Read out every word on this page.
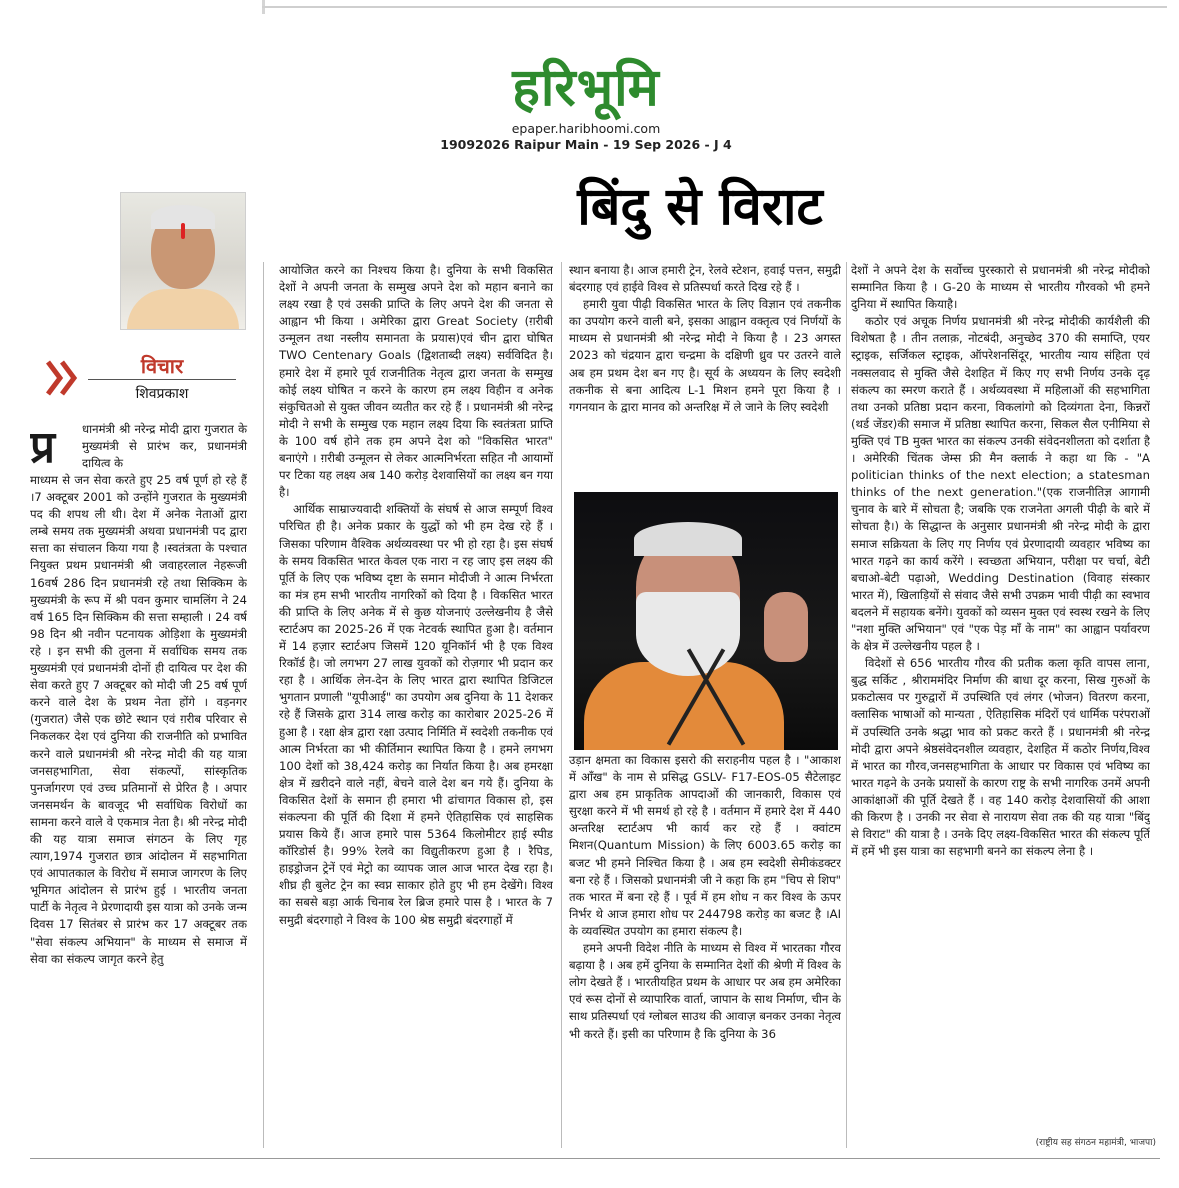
हरिभूमि
epaper.haribhoomi.com
19092026 Raipur Main - 19 Sep 2026 - J 4
बिंदु से विराट
विचार
शिवप्रकाश
प्र	धानमंत्री श्री नरेन्द्र मोदी द्वारा गुजरात के मुख्यमंत्री से प्रारंभ कर, प्रधानमंत्री दायित्व के

माध्यम से जन सेवा करते हुए 25 वर्ष पूर्ण हो रहे हैं ।7 अक्टूबर 2001 को उन्होंने गुजरात के मुख्यमंत्री पद की शपथ ली थी। देश में अनेक नेताओं द्वारा लम्बे समय तक मुख्यमंत्री अथवा प्रधानमंत्री पद द्वारा सत्ता का संचालन किया गया है ।स्वतंत्रता के पश्चात नियुक्त प्रथम प्रधानमंत्री श्री जवाहरलाल नेहरूजी 16वर्ष 286 दिन प्रधानमंत्री रहे तथा सिक्किम के मुख्यमंत्री के रूप में श्री पवन कुमार चामलिंग ने 24 वर्ष 165 दिन सिक्किम की सत्ता सम्हाली । 24 वर्ष 98 दिन श्री नवीन पटनायक ओड़िशा के मुख्यमंत्री रहे । इन सभी की तुलना में सर्वाधिक समय तक मुख्यमंत्री एवं प्रधानमंत्री दोनों ही दायित्व पर देश की सेवा करते हुए 7 अक्टूबर को मोदी जी 25 वर्ष पूर्ण करने वाले देश के प्रथम नेता होंगे । वड़नगर (गुजरात) जैसे एक छोटे स्थान एवं ग़रीब परिवार से निकलकर देश एवं दुनिया की राजनीति को प्रभावित करने वाले प्रधानमंत्री श्री नरेन्द्र मोदी की यह यात्रा जनसहभागिता, सेवा संकल्पों, सांस्कृतिक पुनर्जागरण एवं उच्च प्रतिमानों से प्रेरित है । अपार जनसमर्थन के बावजूद भी सर्वाधिक विरोधों का सामना करने वाले वे एकमात्र नेता है। श्री नरेन्द्र मोदी की यह यात्रा समाज संगठन के लिए गृह त्याग,1974 गुजरात छात्र आंदोलन में सहभागिता एवं आपातकाल के विरोध में समाज जागरण के लिए भूमिगत आंदोलन से प्रारंभ हुई । भारतीय जनता पार्टी के नेतृत्व ने प्रेरणादायी इस यात्रा को उनके जन्म दिवस 17 सितंबर से प्रारंभ कर 17 अक्टूबर तक "सेवा संकल्प अभियान" के माध्यम से समाज में सेवा का संकल्प जागृत करने हेतु

आयोजित करने का निश्चय किया है। दुनिया के सभी विकसित देशों ने अपनी जनता के सम्मुख अपने देश को महान बनाने का लक्ष्य रखा है एवं उसकी प्राप्ति के लिए अपने देश की जनता से आह्वान भी किया । अमेरिका द्वारा Great Society (ग़रीबी उन्मूलन तथा नस्लीय समानता के प्रयास)एवं चीन द्वारा घोषित TWO Centenary Goals (द्विशताब्दी लक्ष्य) सर्वविदित है। हमारे देश में हमारे पूर्व राजनीतिक नेतृत्व द्वारा जनता के सम्मुख कोई लक्ष्य घोषित न करने के कारण हम लक्ष्य विहीन व अनेक संकुचितओ से युक्त जीवन व्यतीत कर रहे हैं । प्रधानमंत्री श्री नरेन्द्र मोदी ने सभी के सम्मुख एक महान लक्ष्य दिया कि स्वतंत्रता प्राप्ति के 100 वर्ष होने तक हम अपने देश को "विकसित भारत" बनाएंगे । ग़रीबी उन्मूलन से लेकर आत्मनिर्भरता सहित नौ आयामों पर टिका यह लक्ष्य अब 140 करोड़ देशवासियों का लक्ष्य बन गया है।

आर्थिक साम्राज्यवादी शक्तियों के संघर्ष से आज सम्पूर्ण विश्व परिचित ही है। अनेक प्रकार के युद्धों को भी हम देख रहे हैं । जिसका परिणाम वैश्विक अर्थव्यवस्था पर भी हो रहा है। इस संघर्ष के समय विकसित भारत केवल एक नारा न रह जाए इस लक्ष्य की पूर्ति के लिए एक भविष्य दृष्टा के समान मोदीजी ने आत्म निर्भरता का मंत्र हम सभी भारतीय नागरिकों को दिया है । विकसित भारत की प्राप्ति के लिए अनेक में से कुछ योजनाएं उल्लेखनीय है जैसे स्टार्टअप का 2025-26 में एक नेटवर्क स्थापित हुआ है। वर्तमान में 14 हज़ार स्टार्टअप जिसमें 120 यूनिकॉर्न भी है एक विश्व रिकॉर्ड है। जो लगभग 27 लाख युवकों को रोज़गार भी प्रदान कर रहा है । आर्थिक लेन-देन के लिए भारत द्वारा स्थापित डिजिटल भुगतान प्रणाली "यूपीआई" का उपयोग अब दुनिया के 11 देशकर रहे हैं जिसके द्वारा 314 लाख करोड़ का कारोबार 2025-26 में हुआ है । रक्षा क्षेत्र द्वारा रक्षा उत्पाद निर्मिति में स्वदेशी तकनीक एवं आत्म निर्भरता का भी कीर्तिमान स्थापित किया है । हमने लगभग 100 देशों को 38,424 करोड़ का निर्यात किया है। अब हमरक्षा क्षेत्र में ख़रीदने वाले नहीं, बेचने वाले देश बन गये हैं। दुनिया के विकसित देशों के समान ही हमारा भी ढांचागत विकास हो, इस संकल्पना की पूर्ति की दिशा में हमने ऐतिहासिक एवं साहसिक प्रयास किये हैं। आज हमारे पास 5364 किलोमीटर हाई स्पीड कॉरिडोर्स है। 99% रेलवे का विद्युतीकरण हुआ है । रैपिड, हाइड्रोजन ट्रेनें एवं मेट्रो का व्यापक जाल आज भारत देख रहा है। शीघ्र ही बुलेट ट्रेन का स्वप्न साकार होते हुए भी हम देखेंगे। विश्व का सबसे बड़ा आर्क चिनाब रेल ब्रिज हमारे पास है । भारत के 7 समुद्री बंदरगाहो ने विश्व के 100 श्रेष्ठ समुद्री बंदरगाहों में

स्थान बनाया है। आज हमारी ट्रेन, रेलवे स्टेशन, हवाई पत्तन, समुद्री बंदरगाह एवं हाईवे विश्व से प्रतिस्पर्धा करते दिख रहे हैं ।

हमारी युवा पीढ़ी विकसित भारत के लिए विज्ञान एवं तकनीक का उपयोग करने वाली बने, इसका आह्वान वक्तृत्व एवं निर्णयों के माध्यम से प्रधानमंत्री श्री नरेन्द्र मोदी ने किया है । 23 अगस्त 2023 को चंद्रयान द्वारा चन्द्रमा के दक्षिणी ध्रुव पर उतरने वाले अब हम प्रथम देश बन गए है। सूर्य के अध्ययन के लिए स्वदेशी तकनीक से बना आदित्य L-1 मिशन हमने पूरा किया है । गगनयान के द्वारा मानव को अन्तरिक्ष में ले जाने के लिए स्वदेशी

उड़ान क्षमता का विकास इसरो की सराहनीय पहल है । "आकाश में आँख" के नाम से प्रसिद्ध GSLV- F17-EOS-05 सैटेलाइट द्वारा अब हम प्राकृतिक आपदाओं की जानकारी, विकास एवं सुरक्षा करने में भी समर्थ हो रहे है । वर्तमान में हमारे देश में 440 अन्तरिक्ष स्टार्टअप भी कार्य कर रहे हैं । क्वांटम मिशन(Quantum Mission) के लिए 6003.65 करोड़ का बजट भी हमने निश्चित किया है । अब हम स्वदेशी सेमीकंडक्टर बना रहे हैं । जिसको प्रधानमंत्री जी ने कहा कि हम "चिप से शिप" तक भारत में बना रहे हैं । पूर्व में हम शोध न कर विश्व के ऊपर निर्भर थे आज हमारा शोध पर 244798 करोड़ का बजट है ।AI के व्यवस्थित उपयोग का हमारा संकल्प है।

हमने अपनी विदेश नीति के माध्यम से विश्व में भारतका गौरव बढ़ाया है । अब हमें दुनिया के सम्मानित देशों की श्रेणी में विश्व के लोग देखते हैं । भारतीयहित प्रथम के आधार पर अब हम अमेरिका एवं रूस दोनों से व्यापारिक वार्ता, जापान के साथ निर्माण, चीन के साथ प्रतिस्पर्धा एवं ग्लोबल साउथ की आवाज़ बनकर उनका नेतृत्व भी करते हैं। इसी का परिणाम है कि दुनिया के 36

देशों ने अपने देश के सर्वोच्च पुरस्कारो से प्रधानमंत्री श्री नरेन्द्र मोदीको सम्मानित किया है । G-20 के माध्यम से भारतीय गौरवको भी हमने दुनिया में स्थापित कियाहै।

कठोर एवं अचूक निर्णय प्रधानमंत्री श्री नरेन्द्र मोदीकी कार्यशैली की विशेषता है । तीन तलाक़, नोटबंदी, अनुच्छेद 370 की समाप्ति, एयर स्ट्राइक, सर्जिकल स्ट्राइक, ऑपरेशनसिंदूर, भारतीय न्याय संहिता एवं नक्सलवाद से मुक्ति जैसे देशहित में किए गए सभी निर्णय उनके दृढ़ संकल्प का स्मरण कराते हैं । अर्थव्यवस्था में महिलाओं की सहभागिता तथा उनको प्रतिष्ठा प्रदान करना, विकलांगो को दिव्यंगता देना, किन्नरों (थर्ड जेंडर)की समाज में प्रतिष्ठा स्थापित करना, सिकल सैल एनीमिया से मुक्ति एवं TB मुक्त भारत का संकल्प उनकी संवेदनशीलता को दर्शाता है । अमेरिकी चिंतक जेम्स फ्री मैन क्लार्क ने कहा था कि - "A politician thinks of the next election; a statesman thinks of the next generation."(एक राजनीतिज्ञ आगामी चुनाव के बारे में सोचता है; जबकि एक राजनेता अगली पीढ़ी के बारे में सोचता है।) के सिद्धान्त के अनुसार प्रधानमंत्री श्री नरेन्द्र मोदी के द्वारा समाज सक्रियता के लिए गए निर्णय एवं प्रेरणादायी व्यवहार भविष्य का भारत गढ़ने का कार्य करेंगे । स्वच्छता अभियान, परीक्षा पर चर्चा, बेटी बचाओ-बेटी पढ़ाओ, Wedding Destination (विवाह संस्कार भारत में), खिलाड़ियों से संवाद जैसे सभी उपक्रम भावी पीढ़ी का स्वभाव बदलने में सहायक बनेंगे। युवकों को व्यसन मुक्त एवं स्वस्थ रखने के लिए "नशा मुक्ति अभियान" एवं "एक पेड़ माँ के नाम" का आह्वान पर्यावरण के क्षेत्र में उल्लेखनीय पहल है ।

विदेशों से 656 भारतीय गौरव की प्रतीक कला कृति वापस लाना, बुद्ध सर्किट , श्रीराममंदिर निर्माण की बाधा दूर करना, सिख गुरुओं के प्रकटोत्सव पर गुरुद्वारों में उपस्थिति एवं लंगर (भोजन) वितरण करना, क्लासिक भाषाओं को मान्यता , ऐतिहासिक मंदिरों एवं धार्मिक परंपराओं में उपस्थिति उनके श्रद्धा भाव को प्रकट करते हैं । प्रधानमंत्री श्री नरेन्द्र मोदी द्वारा अपने श्रेष्ठसंवेदनशील व्यवहार, देशहित में कठोर निर्णय,विश्व में भारत का गौरव,जनसहभागिता के आधार पर विकास एवं भविष्य का भारत गढ़ने के उनके प्रयासों के कारण राष्ट्र के सभी नागरिक उनमें अपनी आकांक्षाओं की पूर्ति देखते हैं । वह 140 करोड़ देशवासियों की आशा की किरण है । उनकी नर सेवा से नारायण सेवा तक की यह यात्रा "बिंदु से विराट" की यात्रा है । उनके दिए लक्ष्य-विकसित भारत की संकल्प पूर्ति में हमें भी इस यात्रा का सहभागी बनने का संकल्प लेना है ।

(राष्ट्रीय सह संगठन महामंत्री, भाजपा)
